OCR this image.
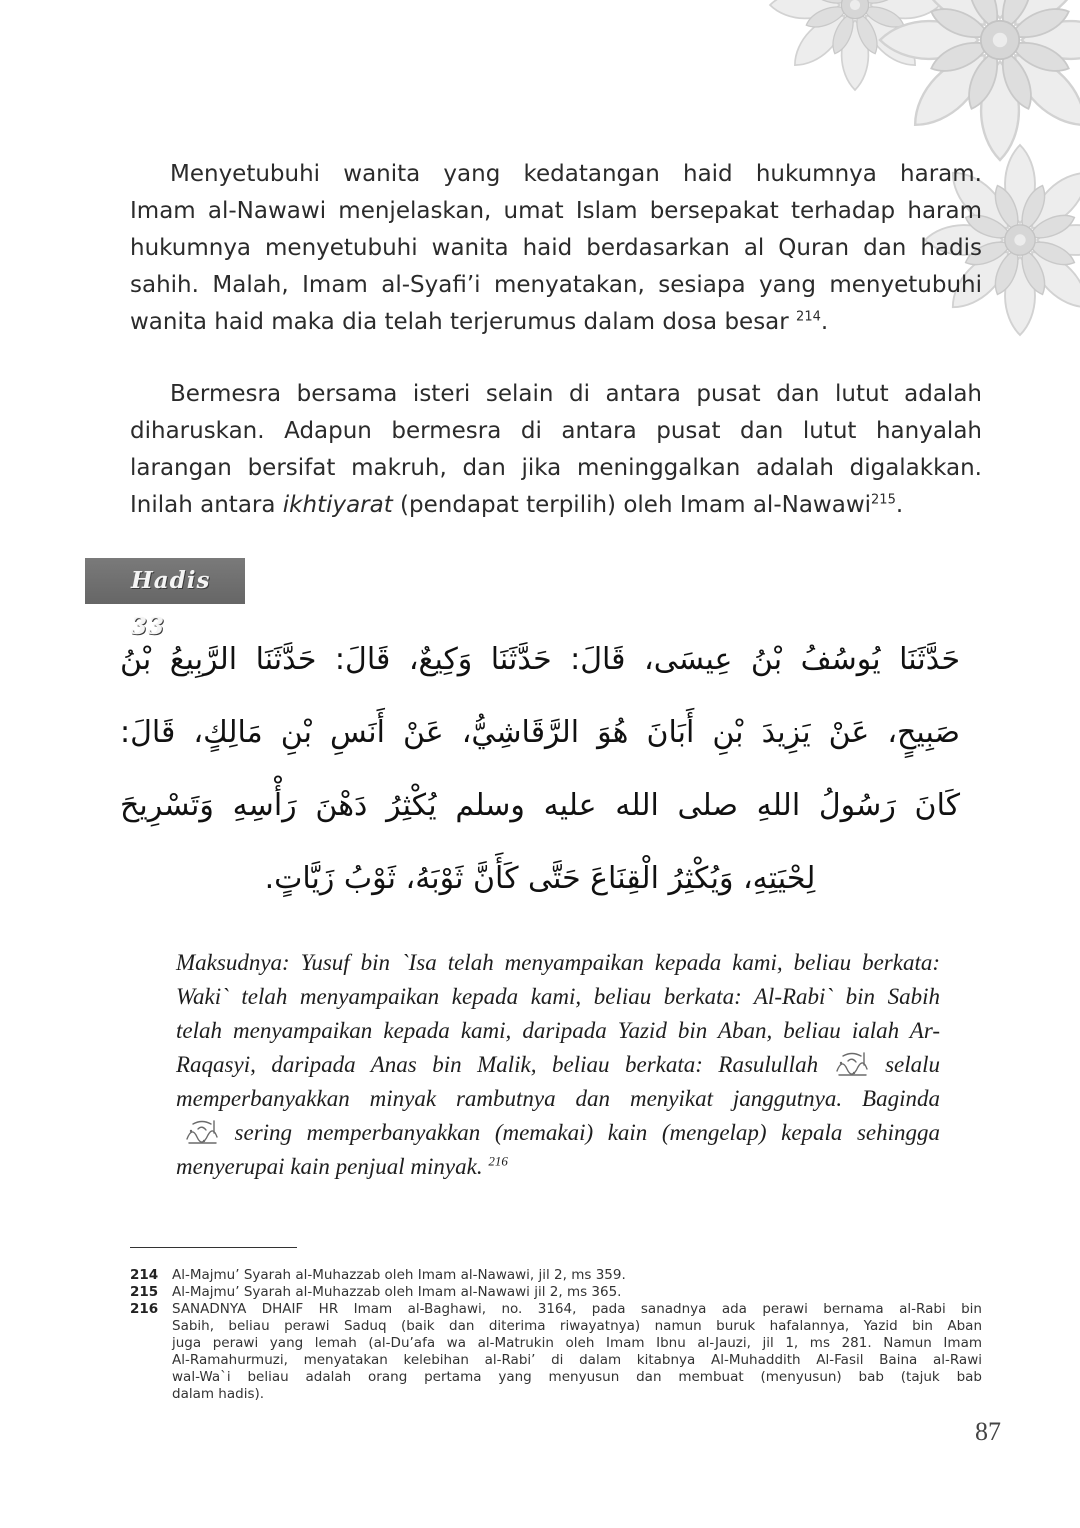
Menyetubuhi wanita yang kedatangan haid hukumnya haram.
Imam al-Nawawi menjelaskan, umat Islam bersepakat terhadap haram
hukumnya menyetubuhi wanita haid berdasarkan al Quran dan hadis
sahih. Malah, Imam al-Syafi’i menyatakan, sesiapa yang menyetubuhi
wanita haid maka dia telah terjerumus dalam dosa besar $^{214}$.
Bermesra bersama isteri selain di antara pusat dan lutut adalah
diharuskan. Adapun bermesra di antara pusat dan lutut hanyalah
larangan bersifat makruh, dan jika meninggalkan adalah digalakkan.
Inilah antara ikhtiyarat (pendapat terpilih) oleh Imam al-Nawawi$^{215}$.
Hadis 33
حَدَّثَنَا يُوسُفُ بْنُ عِيسَى، قَالَ: حَدَّثَنَا وَكِيعٌ، قَالَ: حَدَّثَنَا الرَّبِيعُ بْنُ
صَبِيحٍ، عَنْ يَزِيدَ بْنِ أَبَانَ هُوَ الرَّقَاشِيُّ، عَنْ أَنَسِ بْنِ مَالِكٍ، قَالَ:
كَانَ رَسُولُ اللهِ صلى الله عليه وسلم يُكْثِرُ دَهْنَ رَأْسِهِ وَتَسْرِيحَ
لِحْيَتِهِ، وَيُكْثِرُ الْقِنَاعَ حَتَّى كَأَنَّ ثَوْبَهُ، ثَوْبُ زَيَّاتٍ.
Maksudnya: Yusuf bin `Isa telah menyampaikan kepada kami, beliau berkata:
Waki` telah menyampaikan kepada kami, beliau berkata: Al-Rabi` bin Sabih
telah menyampaikan kepada kami, daripada Yazid bin Aban, beliau ialah Ar-
Raqasyi, daripada Anas bin Malik, beliau berkata: Rasulullah	selalu
memperbanyakkan minyak rambutnya dan menyikat janggutnya. Baginda
sering memperbanyakkan (memakai) kain (mengelap) kepala sehingga
menyerupai kain penjual minyak. $^{216}$
214 Al-Majmu’ Syarah al-Muhazzab oleh Imam al-Nawawi, jil 2, ms 359.
215 Al-Majmu’ Syarah al-Muhazzab oleh Imam al-Nawawi jil 2, ms 365.
216 SANADNYA DHAIF HR Imam al-Baghawi, no. 3164, pada sanadnya ada perawi bernama al-Rabi bin
Sabih, beliau perawi Saduq (baik dan diterima riwayatnya) namun buruk hafalannya, Yazid bin Aban
juga perawi yang lemah (al-Du’afa wa al-Matrukin oleh Imam Ibnu al-Jauzi, jil 1, ms 281. Namun Imam
Al-Ramahurmuzi, menyatakan kelebihan al-Rabi’ di dalam kitabnya Al-Muhaddith Al-Fasil Baina al-Rawi
wal-Wa`i beliau adalah orang pertama yang menyusun dan membuat (menyusun) bab (tajuk bab
dalam hadis).
87
